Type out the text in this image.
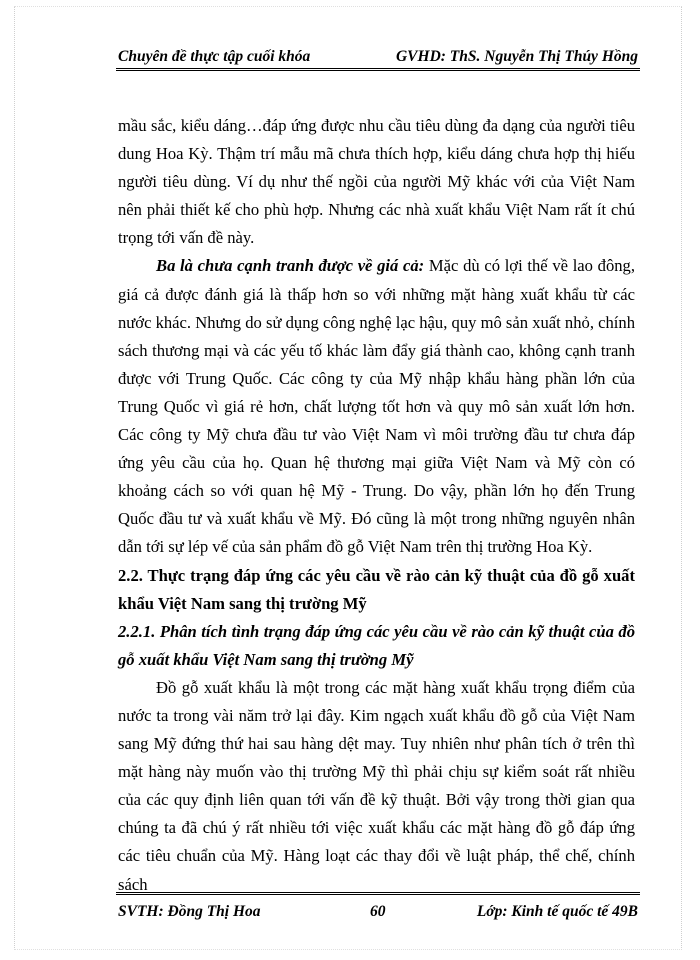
Chuyên đề thực tập cuối khóa	GVHD: ThS. Nguyễn Thị Thúy Hồng

mầu sắc, kiểu dáng…đáp ứng được nhu cầu tiêu dùng đa dạng của người tiêu dung Hoa Kỳ. Thậm trí mẫu mã chưa thích hợp, kiểu dáng chưa hợp thị hiếu người tiêu dùng. Ví dụ như thế ngồi của người Mỹ khác với của Việt Nam nên phải thiết kế cho phù hợp. Nhưng các nhà xuất khẩu Việt Nam rất ít chú trọng tới vấn đề này.

Ba là chưa cạnh tranh được về giá cả: Mặc dù có lợi thế về lao đông, giá cả được đánh giá là thấp hơn so với những mặt hàng xuất khẩu từ các nước khác. Nhưng do sử dụng công nghệ lạc hậu, quy mô sản xuất nhỏ, chính sách thương mại và các yếu tố khác làm đẩy giá thành cao, không cạnh tranh được với Trung Quốc. Các công ty của Mỹ nhập khẩu hàng phần lớn của Trung Quốc vì giá rẻ hơn, chất lượng tốt hơn và quy mô sản xuất lớn hơn. Các công ty Mỹ chưa đầu tư vào Việt Nam vì môi trường đầu tư chưa đáp ứng yêu cầu của họ. Quan hệ thương mại giữa Việt Nam và Mỹ còn có khoảng cách so với quan hệ Mỹ - Trung. Do vậy, phần lớn họ đến Trung Quốc đầu tư và xuất khẩu về Mỹ. Đó cũng là một trong những nguyên nhân dẫn tới sự lép vế của sản phẩm đồ gỗ Việt Nam trên thị trường Hoa Kỳ.

2.2. Thực trạng đáp ứng các yêu cầu về rào cản kỹ thuật của đồ gỗ xuất khẩu Việt Nam sang thị trường Mỹ

2.2.1. Phân tích tình trạng đáp ứng các yêu cầu về rào cản kỹ thuật của đồ gỗ xuất khẩu Việt Nam sang thị trường Mỹ

Đồ gỗ xuất khẩu là một trong các mặt hàng xuất khẩu trọng điểm của nước ta trong vài năm trở lại đây. Kim ngạch xuất khẩu đồ gỗ của Việt Nam sang Mỹ đứng thứ hai sau hàng dệt may. Tuy nhiên như phân tích ở trên thì mặt hàng này muốn vào thị trường Mỹ thì phải chịu sự kiểm soát rất nhiều của các quy định liên quan tới vấn đề kỹ thuật. Bởi vậy trong thời gian qua chúng ta đã chú ý rất nhiều tới việc xuất khẩu các mặt hàng đồ gỗ đáp ứng các tiêu chuẩn của Mỹ. Hàng loạt các thay đổi về luật pháp, thể chế, chính sách

SVTH: Đồng Thị Hoa	60	Lớp: Kinh tế quốc tế 49B
